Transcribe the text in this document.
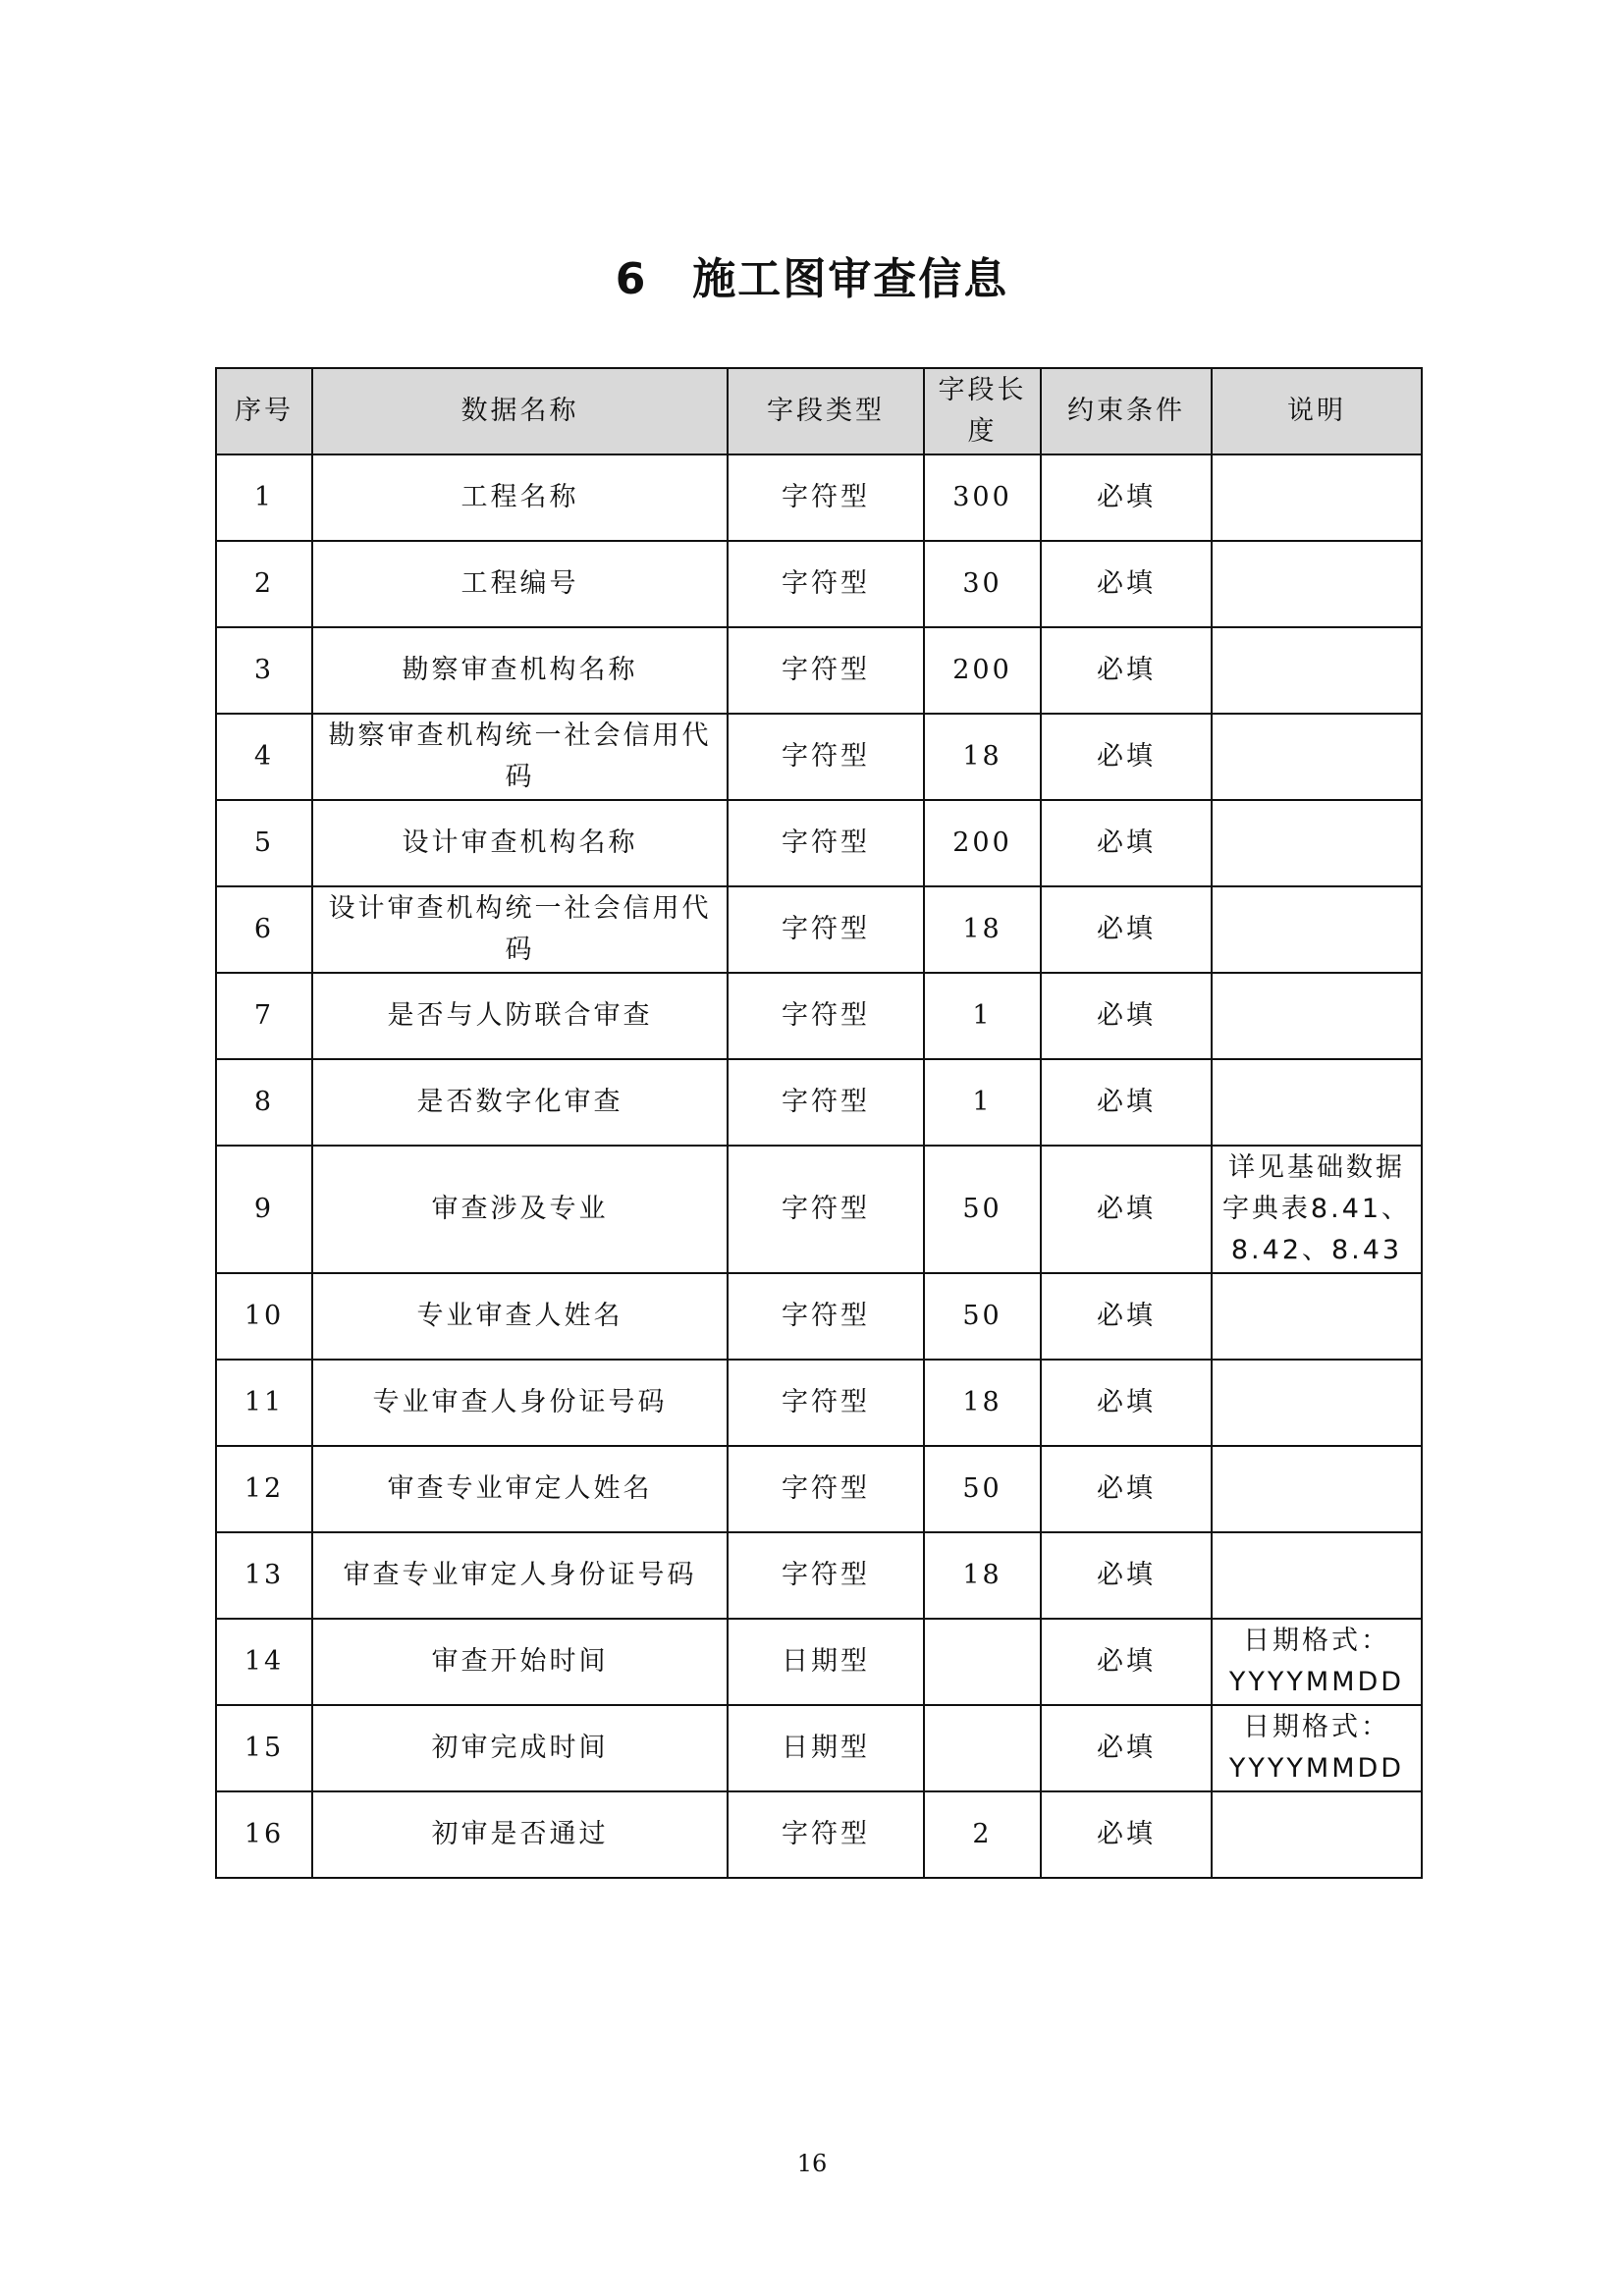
6　施工图审查信息
序号	数据名称	字段类型	字段长度	约束条件	说明
1	工程名称	字符型	300	必填	
2	工程编号	字符型	30	必填	
3	勘察审查机构名称	字符型	200	必填	
4	勘察审查机构统一社会信用代码	字符型	18	必填	
5	设计审查机构名称	字符型	200	必填	
6	设计审查机构统一社会信用代码	字符型	18	必填	
7	是否与人防联合审查	字符型	1	必填	
8	是否数字化审查	字符型	1	必填	
9	审查涉及专业	字符型	50	必填	详见基础数据字典表8.41、8.42、8.43
10	专业审查人姓名	字符型	50	必填	
11	专业审查人身份证号码	字符型	18	必填	
12	审查专业审定人姓名	字符型	50	必填	
13	审查专业审定人身份证号码	字符型	18	必填	
14	审查开始时间	日期型		必填	日期格式：YYYYMMDD
15	初审完成时间	日期型		必填	日期格式：YYYYMMDD
16	初审是否通过	字符型	2	必填	
16
